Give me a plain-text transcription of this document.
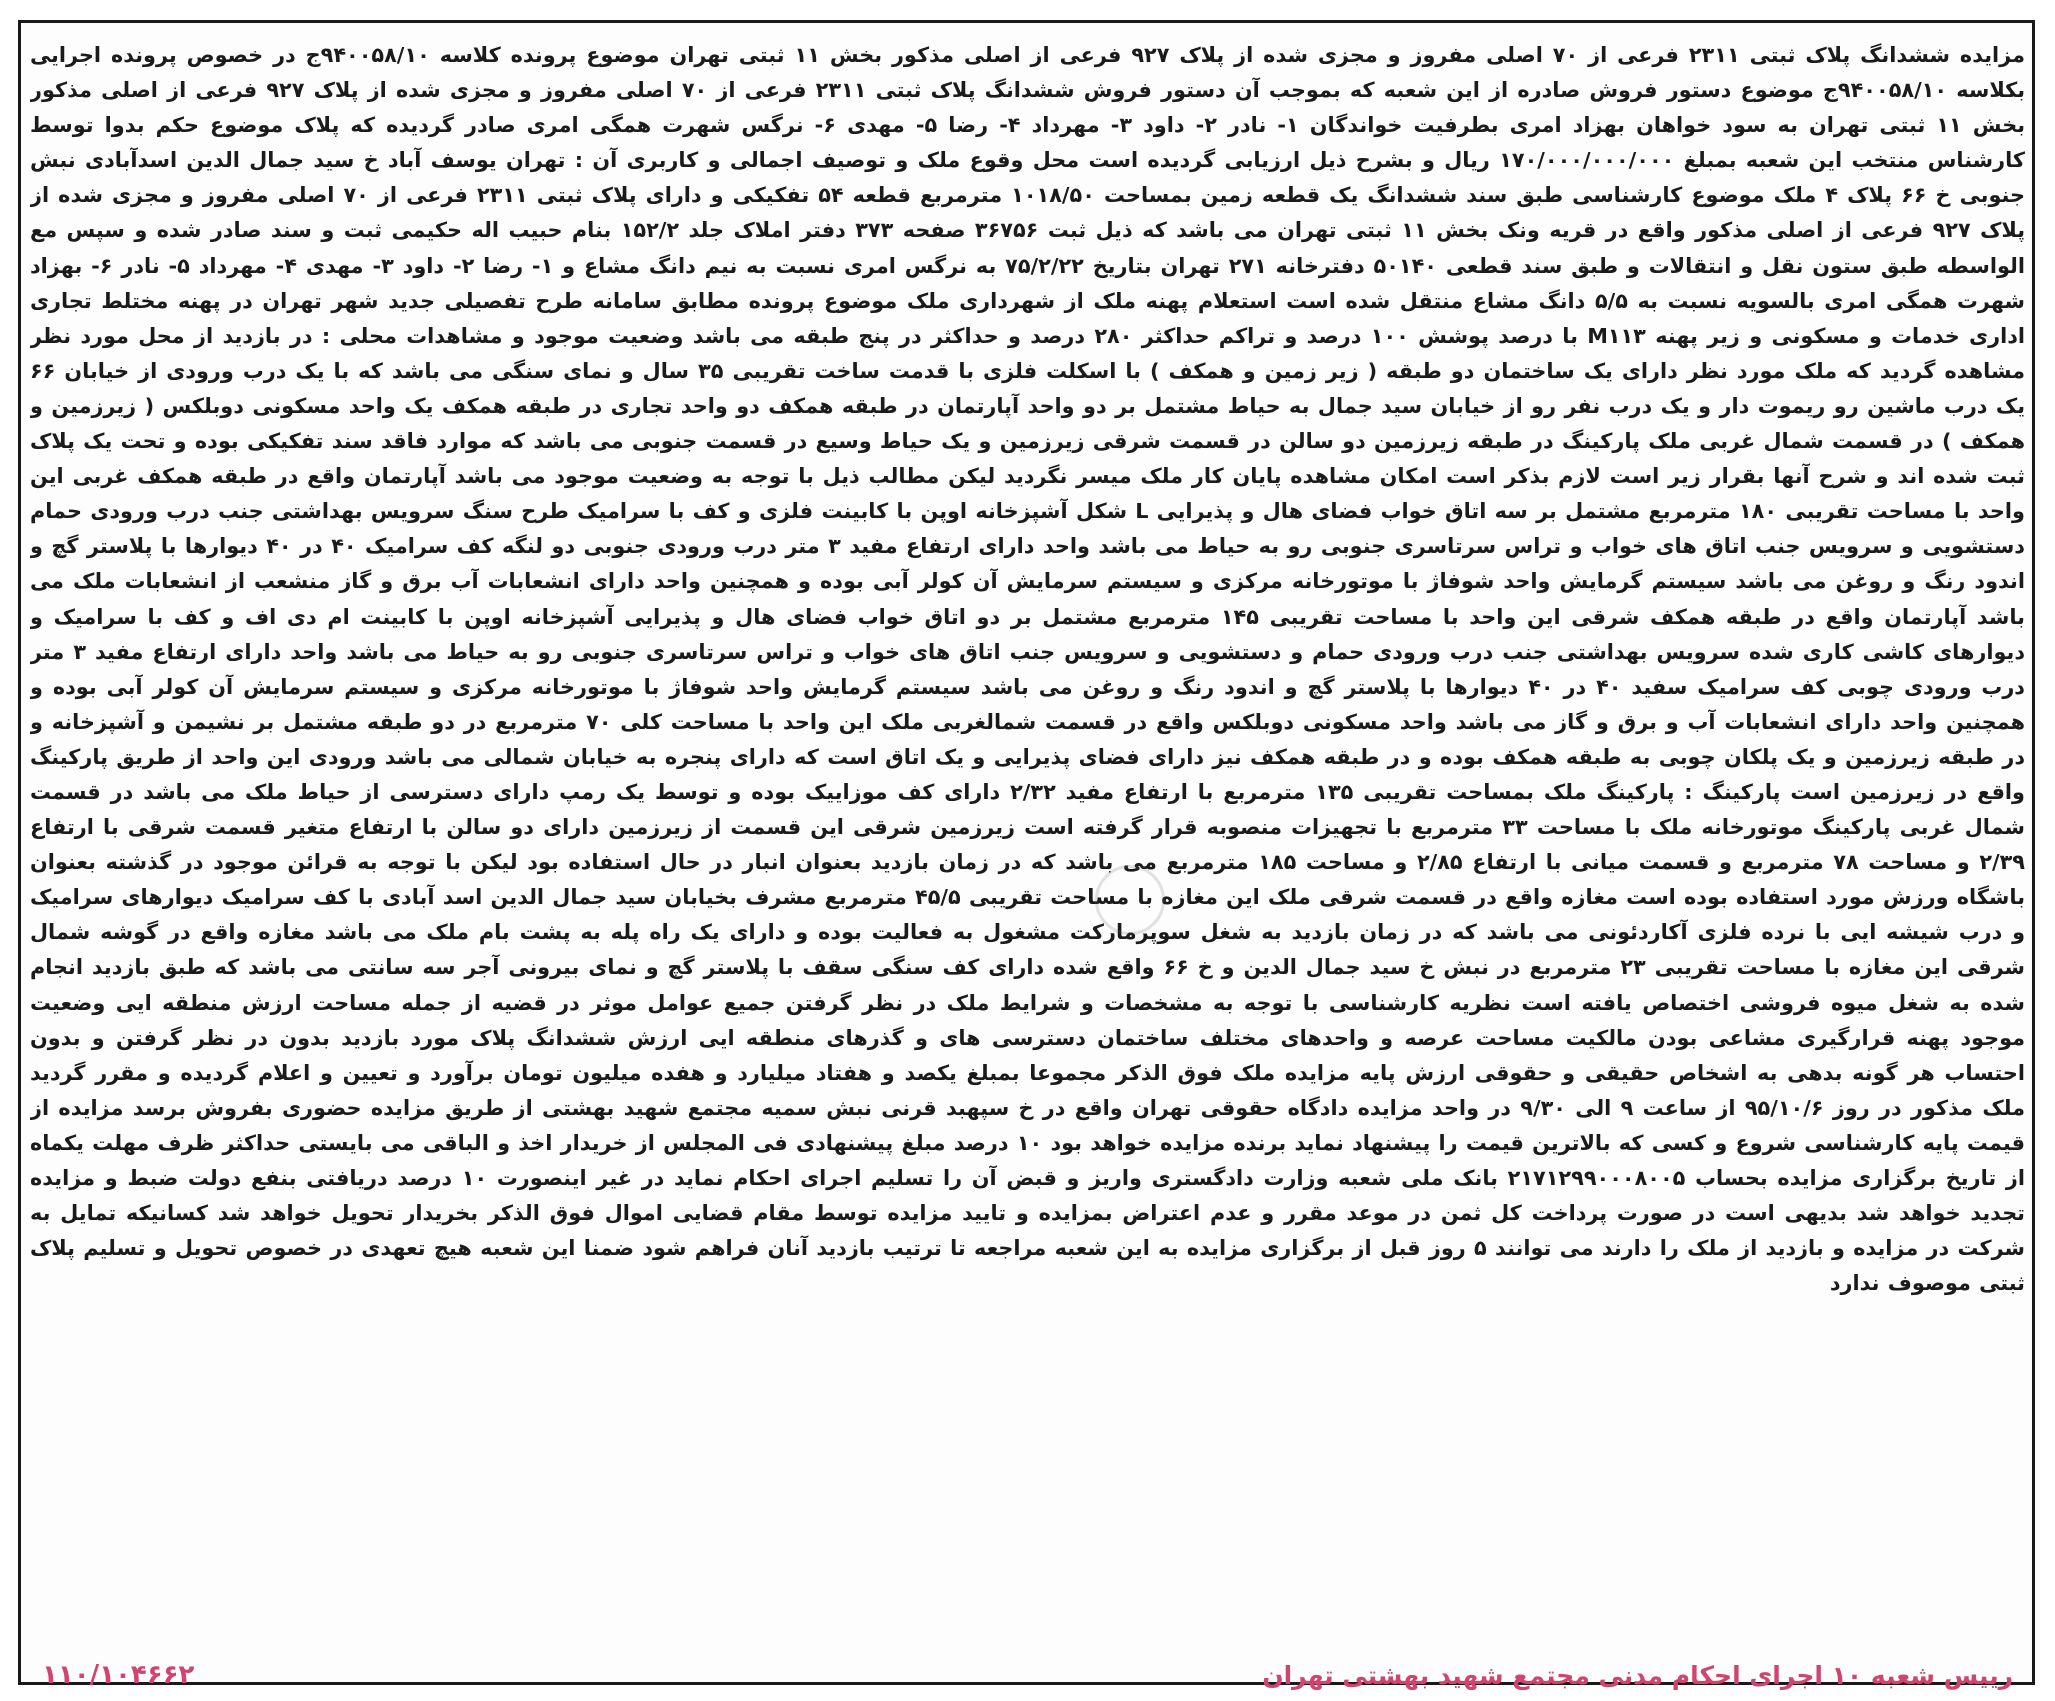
مزایده ششدانگ پلاک ثبتی ۲۳۱۱ فرعی از ۷۰ اصلی مفروز و مجزی شده از پلاک ۹۲۷ فرعی از اصلی مذکور بخش ۱۱ ثبتی تهران موضوع پرونده کلاسه ۹۴۰۰۵۸/۱۰ج در خصوص پرونده اجرایی بکلاسه ۹۴۰۰۵۸/۱۰ج موضوع دستور فروش صادره از این شعبه که بموجب آن دستور فروش ششدانگ پلاک ثبتی ۲۳۱۱ فرعی از ۷۰ اصلی مفروز و مجزی شده از پلاک ۹۲۷ فرعی از اصلی مذکور بخش ۱۱ ثبتی تهران به سود خواهان بهزاد امری بطرفیت خواندگان ۱- نادر ۲- داود ۳- مهرداد ۴- رضا ۵- مهدی ۶- نرگس شهرت همگی امری صادر گردیده که پلاک موضوع حکم بدوا توسط کارشناس منتخب این شعبه بمبلغ ۱۷۰/۰۰۰/۰۰۰/۰۰۰ ریال و بشرح ذیل ارزیابی گردیده است محل وقوع ملک و توصیف اجمالی و کاربری آن : تهران یوسف آباد خ سید جمال الدین اسدآبادی نبش جنوبی خ ۶۶ پلاک ۴ ملک موضوع کارشناسی طبق سند ششدانگ یک قطعه زمین بمساحت ۱۰۱۸/۵۰ مترمربع قطعه ۵۴ تفکیکی و دارای پلاک ثبتی ۲۳۱۱ فرعی از ۷۰ اصلی مفروز و مجزی شده از پلاک ۹۲۷ فرعی از اصلی مذکور واقع در قریه ونک بخش ۱۱ ثبتی تهران می باشد که ذیل ثبت ۳۶۷۵۶ صفحه ۳۷۳ دفتر املاک جلد ۱۵۲/۲ بنام حبیب اله حکیمی ثبت و سند صادر شده و سپس مع الواسطه طبق ستون نقل و انتقالات و طبق سند قطعی ۵۰۱۴۰ دفترخانه ۲۷۱ تهران بتاریخ ۷۵/۲/۲۲ به نرگس امری نسبت به نیم دانگ مشاع و ۱- رضا ۲- داود ۳- مهدی ۴- مهرداد ۵- نادر ۶- بهزاد شهرت همگی امری بالسویه نسبت به ۵/۵ دانگ مشاع منتقل شده است استعلام پهنه ملک از شهرداری ملک موضوع پرونده مطابق سامانه طرح تفصیلی جدید شهر تهران در پهنه مختلط تجاری اداری خدمات و مسکونی و زیر پهنه M۱۱۳ با درصد پوشش ۱۰۰ درصد و تراکم حداکثر ۲۸۰ درصد و حداکثر در پنج طبقه می باشد وضعیت موجود و مشاهدات محلی : در بازدید از محل مورد نظر مشاهده گردید که ملک مورد نظر دارای یک ساختمان دو طبقه ( زیر زمین و همکف ) با اسکلت فلزی با قدمت ساخت تقریبی ۳۵ سال و نمای سنگی می باشد که با یک درب ورودی از خیابان ۶۶ یک درب ماشین رو ریموت دار و یک درب نفر رو از خیابان سید جمال به حیاط مشتمل بر دو واحد آپارتمان در طبقه همکف دو واحد تجاری در طبقه همکف یک واحد مسکونی دوبلکس ( زیرزمین و همکف ) در قسمت شمال غربی ملک پارکینگ در طبقه زیرزمین دو سالن در قسمت شرقی زیرزمین و یک حیاط وسیع در قسمت جنوبی می باشد که موارد فاقد سند تفکیکی بوده و تحت یک پلاک ثبت شده اند و شرح آنها بقرار زیر است لازم بذکر است امکان مشاهده پایان کار ملک میسر نگردید لیکن مطالب ذیل با توجه به وضعیت موجود می باشد آپارتمان واقع در طبقه همکف غربی این واحد با مساحت تقریبی ۱۸۰ مترمربع مشتمل بر سه اتاق خواب فضای هال و پذیرایی L شکل آشپزخانه اوپن با کابینت فلزی و کف با سرامیک طرح سنگ سرویس بهداشتی جنب درب ورودی حمام دستشویی و سرویس جنب اتاق های خواب و تراس سرتاسری جنوبی رو به حیاط می باشد واحد دارای ارتفاع مفید ۳ متر درب ورودی جنوبی دو لنگه کف سرامیک ۴۰ در ۴۰ دیوارها با پلاستر گچ و اندود رنگ و روغن می باشد سیستم گرمایش واحد شوفاژ با موتورخانه مرکزی و سیستم سرمایش آن کولر آبی بوده و همچنین واحد دارای انشعابات آب برق و گاز منشعب از انشعابات ملک می باشد آپارتمان واقع در طبقه همکف شرقی این واحد با مساحت تقریبی ۱۴۵ مترمربع مشتمل بر دو اتاق خواب فضای هال و پذیرایی آشپزخانه اوپن با کابینت ام دی اف و کف با سرامیک و دیوارهای کاشی کاری شده سرویس بهداشتی جنب درب ورودی حمام و دستشویی و سرویس جنب اتاق های خواب و تراس سرتاسری جنوبی رو به حیاط می باشد واحد دارای ارتفاع مفید ۳ متر درب ورودی چوبی کف سرامیک سفید ۴۰ در ۴۰ دیوارها با پلاستر گچ و اندود رنگ و روغن می باشد سیستم گرمایش واحد شوفاژ با موتورخانه مرکزی و سیستم سرمایش آن کولر آبی بوده و همچنین واحد دارای انشعابات آب و برق و گاز می باشد واحد مسکونی دوبلکس واقع در قسمت شمالغربی ملک این واحد با مساحت کلی ۷۰ مترمربع در دو طبقه مشتمل بر نشیمن و آشپزخانه و در طبقه زیرزمین و یک پلکان چوبی به طبقه همکف بوده و در طبقه همکف نیز دارای فضای پذیرایی و یک اتاق است که دارای پنجره به خیابان شمالی می باشد ورودی این واحد از طریق پارکینگ واقع در زیرزمین است پارکینگ : پارکینگ ملک بمساحت تقریبی ۱۳۵ مترمربع با ارتفاع مفید ۲/۳۲ دارای کف موزاییک بوده و توسط یک رمپ دارای دسترسی از حیاط ملک می باشد در قسمت شمال غربی پارکینگ موتورخانه ملک با مساحت ۳۳ مترمربع با تجهیزات منصوبه قرار گرفته است زیرزمین شرقی این قسمت از زیرزمین دارای دو سالن با ارتفاع متغیر قسمت شرقی با ارتفاع ۲/۳۹ و مساحت ۷۸ مترمربع و قسمت میانی با ارتفاع ۲/۸۵ و مساحت ۱۸۵ مترمربع می باشد که در زمان بازدید بعنوان انبار در حال استفاده بود لیکن با توجه به قرائن موجود در گذشته بعنوان باشگاه ورزش مورد استفاده بوده است مغازه واقع در قسمت شرقی ملک این مغازه با مساحت تقریبی ۴۵/۵ مترمربع مشرف بخیابان سید جمال الدین اسد آبادی با کف سرامیک دیوارهای سرامیک و درب شیشه ایی با نرده فلزی آکاردئونی می باشد که در زمان بازدید به شغل سوپرمارکت مشغول به فعالیت بوده و دارای یک راه پله به پشت بام ملک می باشد مغازه واقع در گوشه شمال شرقی این مغازه با مساحت تقریبی ۲۳ مترمربع در نبش خ سید جمال الدین و خ ۶۶ واقع شده دارای کف سنگی سقف با پلاستر گچ و نمای بیرونی آجر سه سانتی می باشد که طبق بازدید انجام شده به شغل میوه فروشی اختصاص یافته است نظریه کارشناسی با توجه به مشخصات و شرایط ملک در نظر گرفتن جمیع عوامل موثر در قضیه از جمله مساحت ارزش منطقه ایی وضعیت موجود پهنه قرارگیری مشاعی بودن مالکیت مساحت عرصه و واحدهای مختلف ساختمان دسترسی های و گذرهای منطقه ایی ارزش ششدانگ پلاک مورد بازدید بدون در نظر گرفتن و بدون احتساب هر گونه بدهی به اشخاص حقیقی و حقوقی ارزش پایه مزایده ملک فوق الذکر مجموعا بمبلغ یکصد و هفتاد میلیارد و هفده میلیون تومان برآورد و تعیین و اعلام گردیده و مقرر گردید ملک مذکور در روز ۹۵/۱۰/۶ از ساعت ۹ الی ۹/۳۰ در واحد مزایده دادگاه حقوقی تهران واقع در خ سپهبد قرنی نبش سمیه مجتمع شهید بهشتی از طریق مزایده حضوری بفروش برسد مزایده از قیمت پایه کارشناسی شروع و کسی که بالاترین قیمت را پیشنهاد نماید برنده مزایده خواهد بود ۱۰ درصد مبلغ پیشنهادی فی المجلس از خریدار اخذ و الباقی می بایستی حداکثر ظرف مهلت یکماه از تاریخ برگزاری مزایده بحساب ۲۱۷۱۲۹۹۰۰۰۸۰۰۵ بانک ملی شعبه وزارت دادگستری واریز و قبض آن را تسلیم اجرای احکام نماید در غیر اینصورت ۱۰ درصد دریافتی بنفع دولت ضبط و مزایده تجدید خواهد شد بدیهی است در صورت پرداخت کل ثمن در موعد مقرر و عدم اعتراض بمزایده و تایید مزایده توسط مقام قضایی اموال فوق الذکر بخریدار تحویل خواهد شد کسانیکه تمایل به شرکت در مزایده و بازدید از ملک را دارند می توانند ۵ روز قبل از برگزاری مزایده به این شعبه مراجعه تا ترتیب بازدید آنان فراهم شود ضمنا این شعبه هیچ تعهدی در خصوص تحویل و تسلیم پلاک ثبتی موصوف ندارد
رییس شعبه ۱۰ اجرای احکام مدنی مجتمع شهید بهشتی تهران
۱۱۰/۱۰۴۶۶۲
